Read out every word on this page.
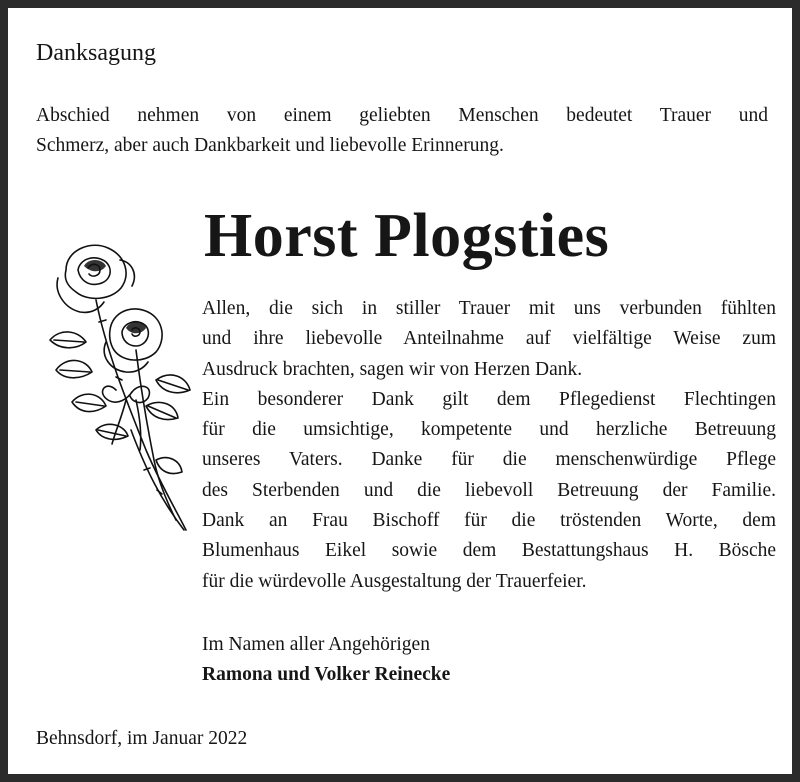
Danksagung
Abschied nehmen von einem geliebten Menschen bedeutet Trauer und
Schmerz, aber auch Dankbarkeit und liebevolle Erinnerung.
Horst Plogsties
Allen, die sich in stiller Trauer mit uns verbunden fühlten
und ihre liebevolle Anteilnahme auf vielfältige Weise zum
Ausdruck brachten, sagen wir von Herzen Dank.
Ein besonderer Dank gilt dem Pflegedienst Flechtingen
für die umsichtige, kompetente und herzliche Betreuung
unseres Vaters. Danke für die menschenwürdige Pflege
des Sterbenden und die liebevoll Betreuung der Familie.
Dank an Frau Bischoff für die tröstenden Worte, dem
Blumenhaus Eikel sowie dem Bestattungshaus H. Bösche
für die würdevolle Ausgestaltung der Trauerfeier.
Im Namen aller Angehörigen
Ramona und Volker Reinecke
Behnsdorf, im Januar 2022
